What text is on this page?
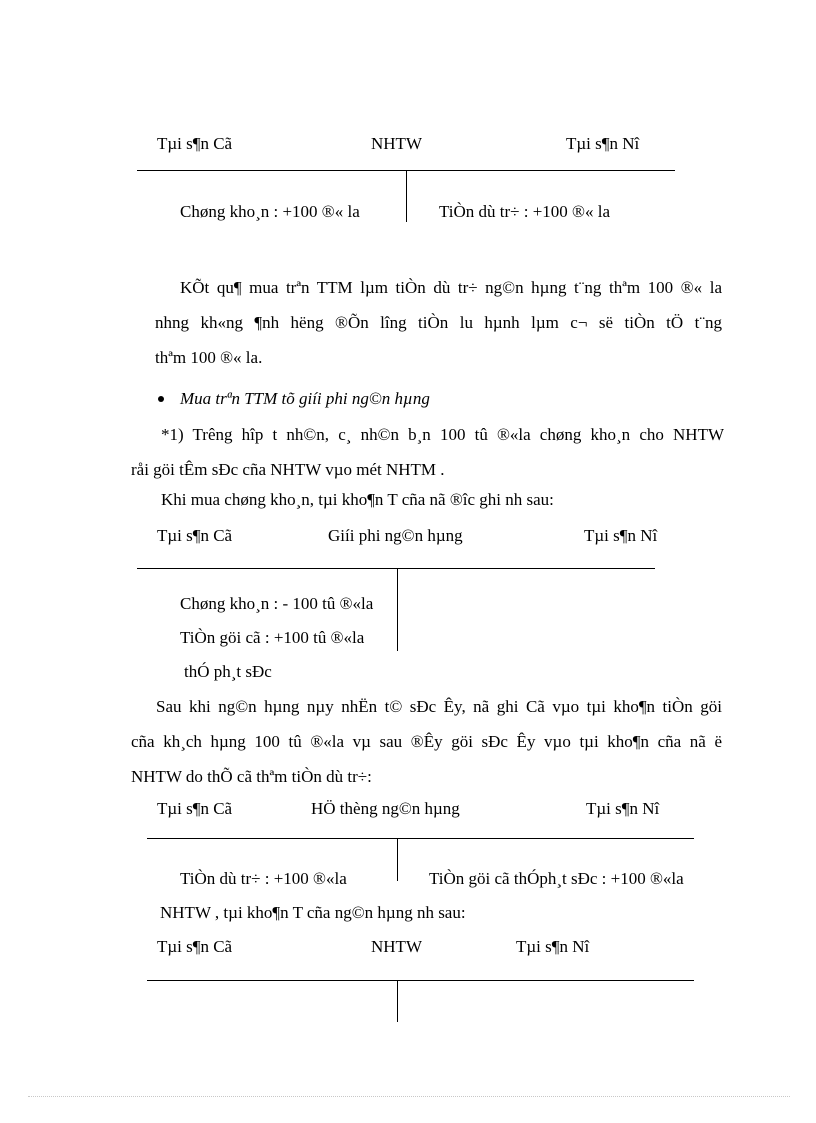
Tµi s¶n Cã	NHTW	Tµi s¶n Nî
Chøng kho¸n : +100 ®« la	TiÒn dù tr÷ : +100 ®« la
KÕt qu¶ mua trªn TTM lµm tiÒn dù tr÷ ng©n hµng t¨ng thªm 100 ®« la
nhng kh«ng ¶nh hëng ®Õn lîng tiÒn lu hµnh lµm c¬ së tiÒn tÖ t¨ng
thªm 100 ®« la.
Mua trªn TTM tõ giíi phi ng©n hµng
*1) Trêng hîp t nh©n, c¸ nh©n b¸n 100 tû ®«la chøng kho¸n cho NHTW
råi göi tÊm sÐc cña NHTW vµo mét NHTM .
Khi mua chøng kho¸n, tµi kho¶n T cña nã ®îc ghi nh sau:
Tµi s¶n Cã	Giíi phi ng©n hµng	Tµi s¶n Nî
Chøng kho¸n : - 100 tû ®«la
TiÒn göi cã : +100 tû ®«la
thÓ ph¸t sÐc
Sau khi ng©n hµng nµy nhËn t© sÐc Êy, nã ghi Cã vµo tµi kho¶n tiÒn göi
cña kh¸ch hµng 100 tû ®«la vµ sau ®Êy göi sÐc Êy vµo tµi kho¶n cña nã ë
NHTW do thÕ cã thªm tiÒn dù tr÷:
Tµi s¶n Cã	HÖ thèng ng©n hµng	Tµi s¶n Nî
TiÒn dù tr÷ : +100 ®«la	TiÒn göi cã thÓph¸t sÐc : +100 ®«la
NHTW , tµi kho¶n T cña ng©n hµng nh sau:
Tµi s¶n Cã	NHTW	Tµi s¶n Nî
